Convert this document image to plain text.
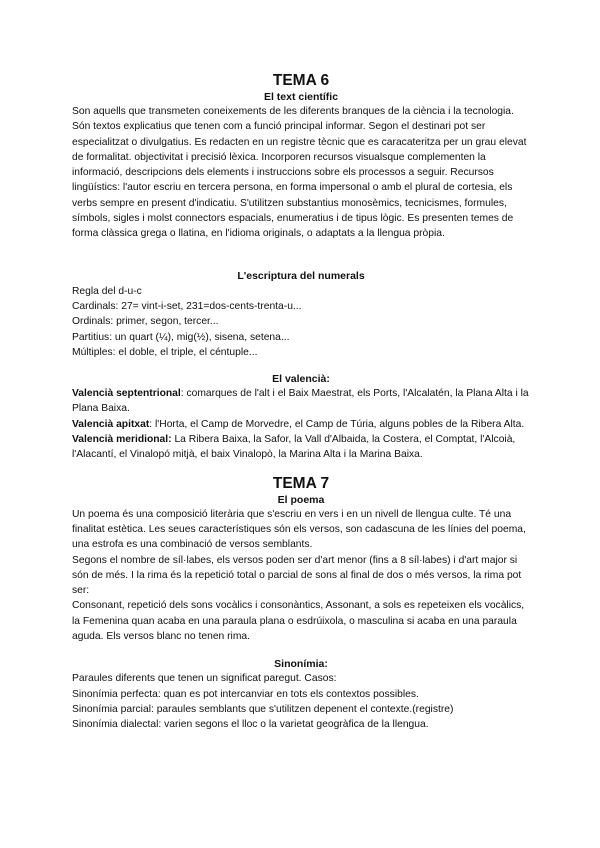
TEMA 6
El text científic

Son aquells que transmeten coneixements de les diferents branques de la ciència i la tecnologia. Són textos explicatius que tenen com a funció principal informar. Segon el destinari pot ser especialitzat o divulgatius. Es redacten en un registre tècnic que es caracateritza per un grau elevat de formalitat. objectivitat i precisió lèxica. Incorporen recursos visualsque complementen la informació, descripcions dels elements i instruccions sobre els processos a seguir. Recursos lingüístics: l'autor escriu en tercera persona, en forma impersonal o amb el plural de cortesia, els verbs sempre en present d'indicatiu. S'utilitzen substantius monosèmics, tecnicismes, formules, símbols, sigles i molst connectors espacials, enumeratius i de tipus lògic. Es presenten temes de forma clàssica grega o llatina, en l'idioma originals, o adaptats a la llengua pròpia.

L'escriptura del numerals

Regla del d-u-c

Cardinals: 27= vint-i-set, 231=dos-cents-trenta-u...

Ordinals: primer, segon, tercer...

Partitius: un quart (¼), mig(½), sisena, setena...

Múltiples: el doble, el triple, el céntuple...

El valencià:

Valencià septentrional: comarques de l'alt i el Baix Maestrat, els Ports, l'Alcalatén, la Plana Alta i la Plana Baixa.

Valencià apitxat: l'Horta, el Camp de Morvedre, el Camp de Túria, alguns pobles de la Ribera Alta.

Valencià meridional: La Ribera Baixa, la Safor, la Vall d'Albaida, la Costera, el Comptat, l'Alcoià, l'Alacantí, el Vinalopó mitjà, el baix Vinalopò, la Marina Alta i la Marina Baixa.

TEMA 7
El poema

Un poema és una composició literària que s'escriu en vers i en un nivell de llengua culte. Té una finalitat estètica. Les seues característiques són els versos, son cadascuna de les línies del poema, una estrofa es una combinació de versos semblants.

Segons el nombre de síl·labes, els versos poden ser d'art menor (fins a 8 síl·labes) i d'art major si són de més. I la rima és la repetició total o parcial de sons al final de dos o més versos, la rima pot ser:

Consonant, repetició dels sons vocàlics i consonàntics, Assonant, a sols es repeteixen els vocàlics, la Femenina quan acaba en una paraula plana o esdrúixola, o masculina si acaba en una paraula aguda. Els versos blanc no tenen rima.

Sinonímia:

Paraules diferents que tenen un significat paregut. Casos:

Sinonímia perfecta: quan es pot intercanviar en tots els contextos possibles.

Sinonímia parcial: paraules semblants que s'utilitzen depenent el contexte.(registre)

Sinonímia dialectal: varien segons el lloc o la varietat geogràfica de la llengua.
